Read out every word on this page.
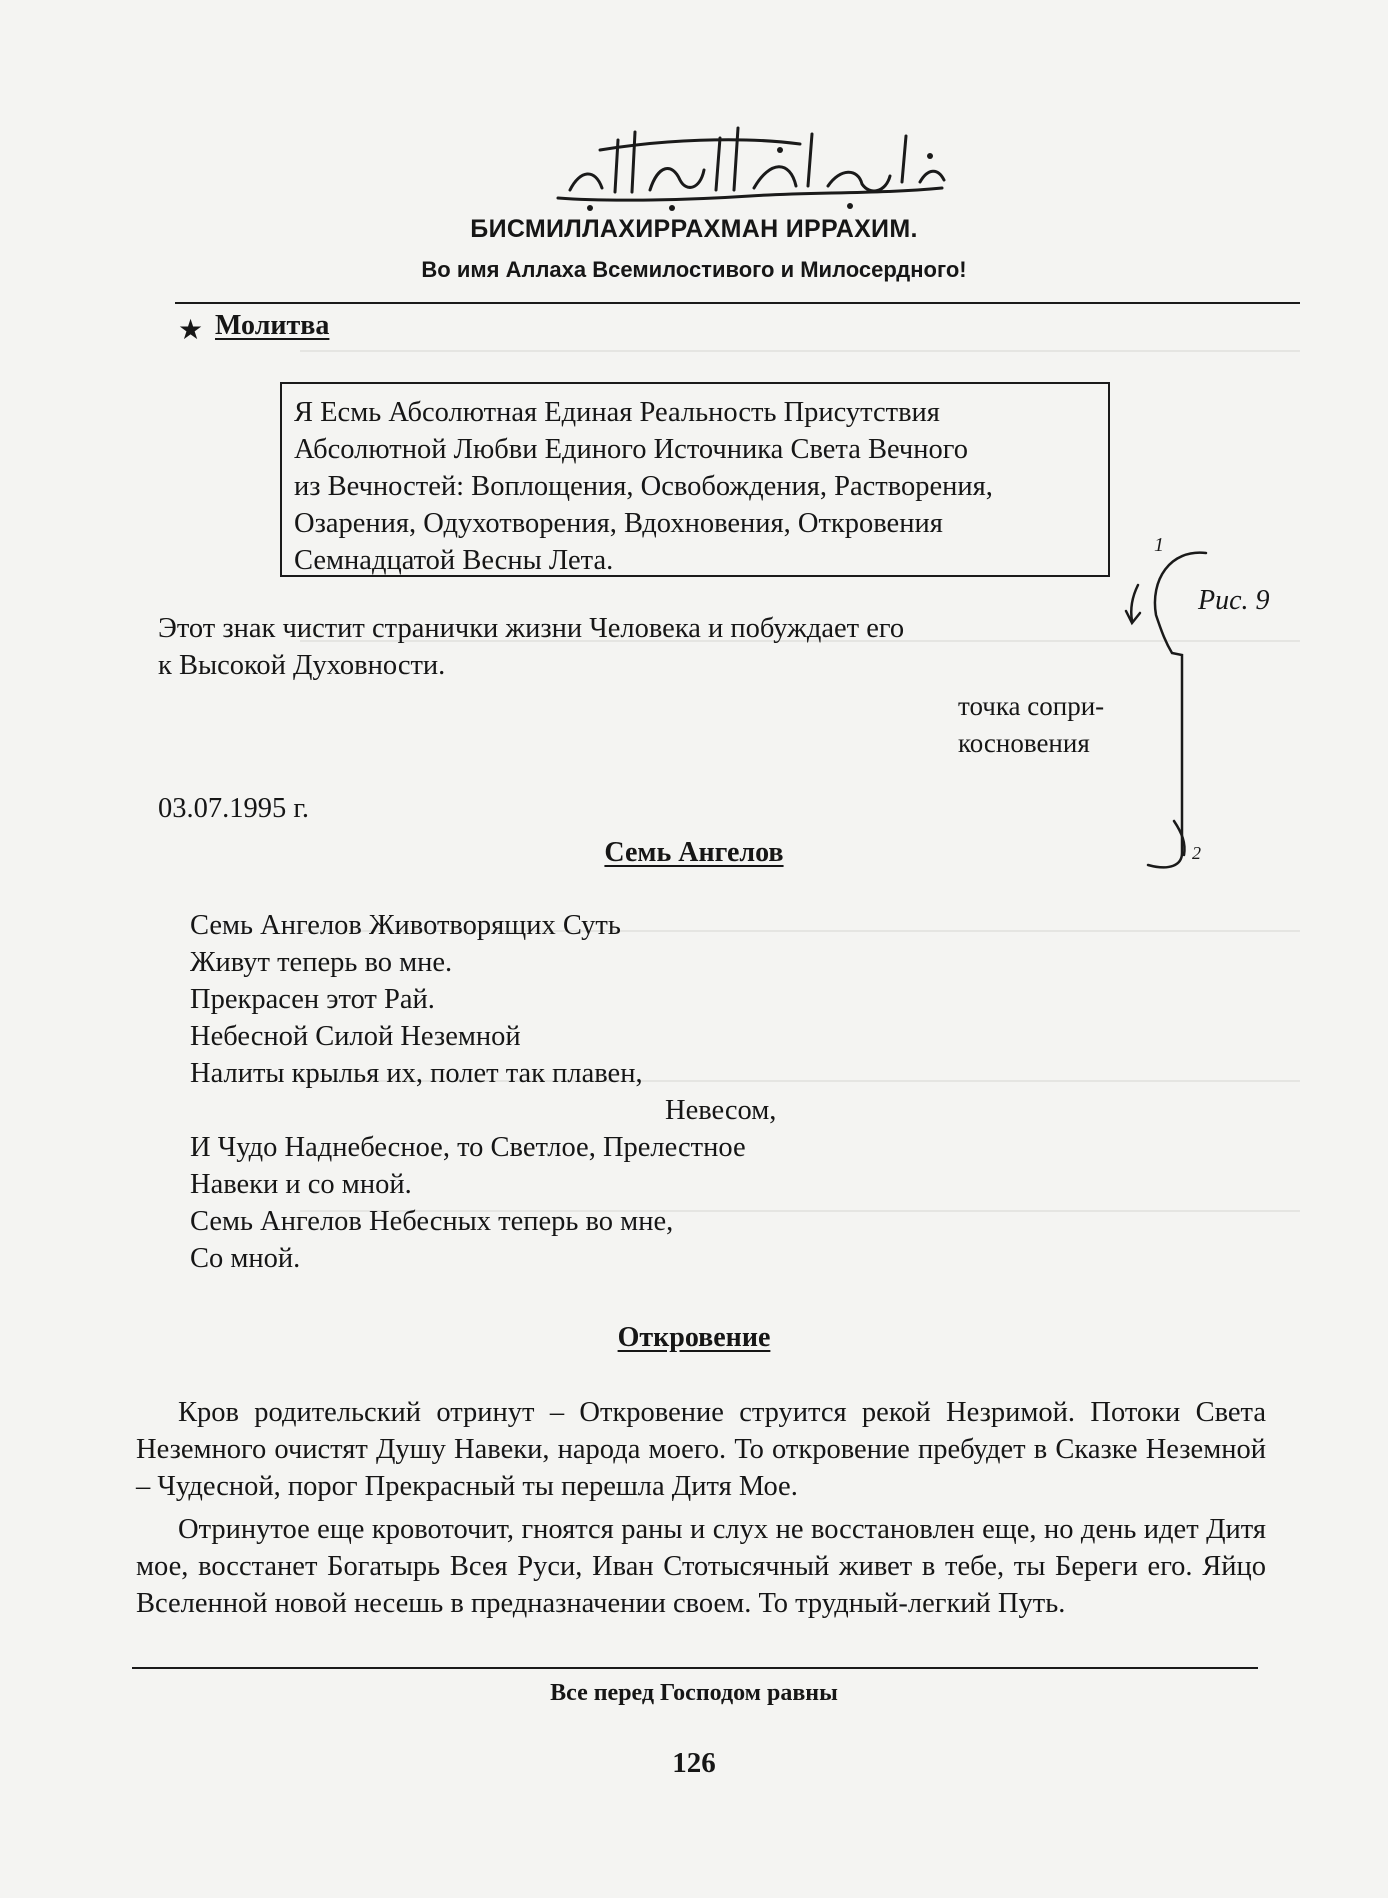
БИСМИЛЛАХИРРАХМАН ИРРАХИМ.
Во имя Аллаха Всемилостивого и Милосердного!
★ Молитва
Я Есмь Абсолютная Единая Реальность Присутствия
Абсолютной Любви Единого Источника Света Вечного
из Вечностей: Воплощения, Освобождения, Растворения,
Озарения, Одухотворения, Вдохновения, Откровения
Семнадцатой Весны Лета.
Этот знак чистит странички жизни Человека и побуждает его
к Высокой Духовности.
1
2
Рис. 9
точка сопри-
косновения
03.07.1995 г.
Семь Ангелов
Семь Ангелов Животворящих Суть
Живут теперь во мне.
Прекрасен этот Рай.
Небесной Силой Неземной
Налиты крылья их, полет так плавен,
Невесом,
И Чудо Наднебесное, то Светлое, Прелестное
Навеки и со мной.
Семь Ангелов Небесных теперь во мне,
Со мной.
Откровение

Кров родительский отринут – Откровение струится рекой Незримой. Потоки Света Неземного очистят Душу Навеки, народа моего. То откровение пребудет в Сказке Неземной – Чудесной, порог Прекрасный ты перешла Дитя Мое.

Отринутое еще кровоточит, гноятся раны и слух не восстановлен еще, но день идет Дитя мое, восстанет Богатырь Всея Руси, Иван Стотысячный живет в тебе, ты Береги его. Яйцо Вселенной новой несешь в предназначении своем. То трудный-легкий Путь.

Все перед Господом равны
126
